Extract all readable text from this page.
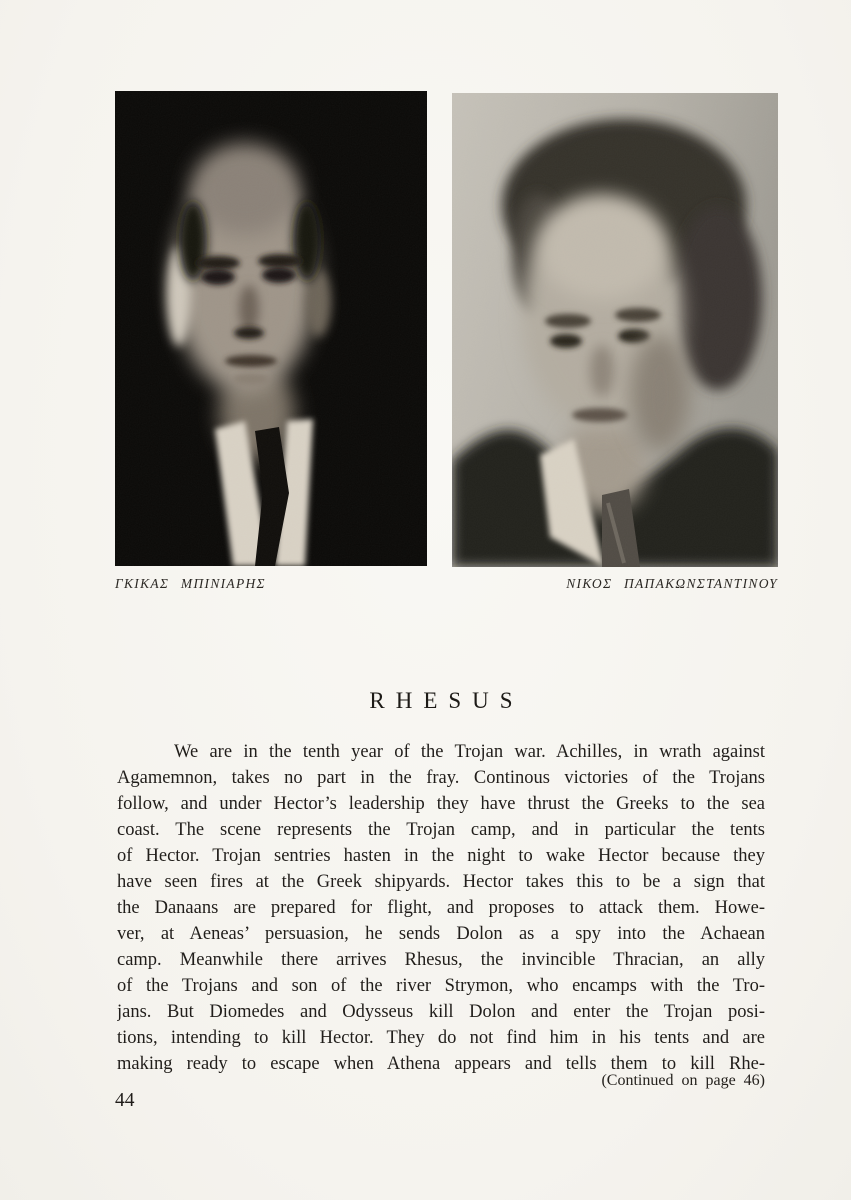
ΓΚΙΚΑΣ ΜΠΙΝΙΑΡΗΣ	ΝΙΚΟΣ ΠΑΠΑΚΩΝΣΤΑΝΤΙΝΟΥ
RHESUS
We are in the tenth year of the Trojan war. Achilles, in wrath against
Agamemnon, takes no part in the fray. Continous victories of the Trojans
follow, and under Hector’s leadership they have thrust the Greeks to the sea
coast. The scene represents the Trojan camp, and in particular the tents
of Hector. Trojan sentries hasten in the night to wake Hector because they
have seen fires at the Greek shipyards. Hector takes this to be a sign that
the Danaans are prepared for flight, and proposes to attack them. Howe-
ver, at Aeneas’ persuasion, he sends Dolon as a spy into the Achaean
camp. Meanwhile there arrives Rhesus, the invincible Thracian, an ally
of the Trojans and son of the river Strymon, who encamps with the Tro-
jans. But Diomedes and Odysseus kill Dolon and enter the Trojan posi-
tions, intending to kill Hector. They do not find him in his tents and are
making ready to escape when Athena appears and tells them to kill Rhe-
(Continued on page 46)
44
